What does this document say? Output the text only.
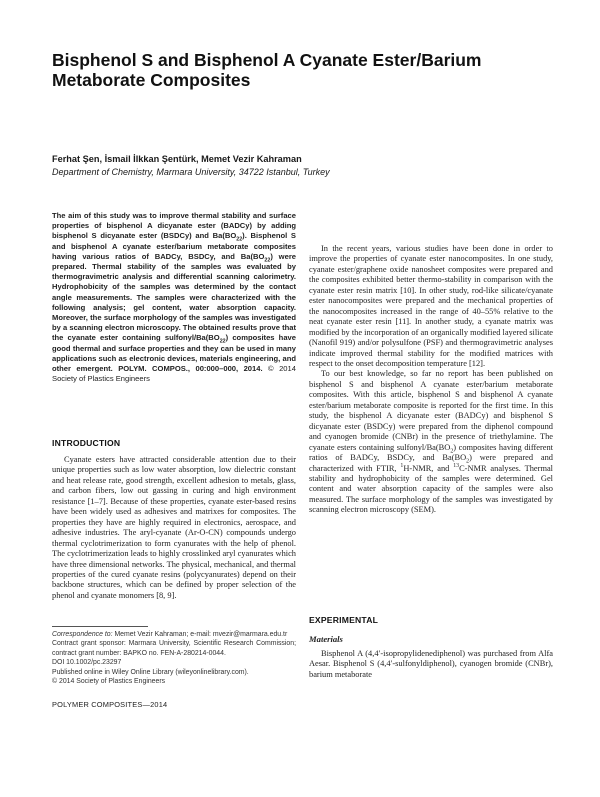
Bisphenol S and Bisphenol A Cyanate Ester/Barium Metaborate Composites

Ferhat Şen, İsmail İlkkan Şentürk, Memet Vezir Kahraman

Department of Chemistry, Marmara University, 34722 Istanbul, Turkey

The aim of this study was to improve thermal stability and surface properties of bisphenol A dicyanate ester (BADCy) by adding bisphenol S dicyanate ester (BSDCy) and $Ba(BO_{22})$. Bisphenol S and bisphenol A cyanate ester/barium metaborate composites having various ratios of BADCy, BSDCy, and $Ba(BO_{22})$ were prepared. Thermal stability of the samples was evaluated by thermogravimetric analysis and differential scanning calorimetry. Hydrophobicity of the samples was determined by the contact angle measurements. The samples were characterized with the following analysis; gel content, water absorption capacity. Moreover, the surface morphology of the samples was investigated by a scanning electron microscopy. The obtained results prove that the cyanate ester containing sulfonyl/$Ba(BO_{22})$ composites have good thermal and surface properties and they can be used in many applications such as electronic devices, materials engineering, and other emergent. POLYM. COMPOS., 00:000–000, 2014. © 2014 Society of Plastics Engineers
INTRODUCTION

Cyanate esters have attracted considerable attention due to their unique properties such as low water absorption, low dielectric constant and heat release rate, good strength, excellent adhesion to metals, glass, and carbon fibers, low out gassing in curing and high environment resistance [1–7]. Because of these properties, cyanate ester-based resins have been widely used as adhesives and matrixes for composites. The properties they have are highly required in electronics, aerospace, and adhesive industries. The aryl-cyanate (Ar-O-CN) compounds undergo thermal cyclotrimerization to form cyanurates with the help of phenol. The cyclotrimerization leads to highly crosslinked aryl cyanurates which have three dimensional networks. The physical, mechanical, and thermal properties of the cured cyanate resins (polycyanurates) depend on their backbone structures, which can be defined by proper selection of the phenol and cyanate monomers [8, 9].

Correspondence to: Memet Vezir Kahraman; e-mail: mvezir@marmara.edu.tr
Contract grant sponsor: Marmara University, Scientific Research Commission; contract grant number: BAPKO no. FEN-A-280214-0044.
DOI 10.1002/pc.23297
Published online in Wiley Online Library (wileyonlinelibrary.com).
© 2014 Society of Plastics Engineers

POLYMER COMPOSITES—2014

In the recent years, various studies have been done in order to improve the properties of cyanate ester nanocomposites. In one study, cyanate ester/graphene oxide nanosheet composites were prepared and the composites exhibited better thermo-stability in comparison with the cyanate ester resin matrix [10]. In other study, rod-like silicate/cyanate ester nanocomposites were prepared and the mechanical properties of the nanocomposites increased in the range of 40–55% relative to the neat cyanate ester resin [11]. In another study, a cyanate matrix was modified by the incorporation of an organically modified layered silicate (Nanofil 919) and/or polysulfone (PSF) and thermogravimetric analyses indicate improved thermal stability for the modified matrices with respect to the onset decomposition temperature [12].

To our best knowledge, so far no report has been published on bisphenol S and bisphenol A cyanate ester/barium metaborate composites. With this article, bisphenol S and bisphenol A cyanate ester/barium metaborate composite is reported for the first time. In this study, the bisphenol A dicyanate ester (BADCy) and bisphenol S dicyanate ester (BSDCy) were prepared from the diphenol compound and cyanogen bromide (CNBr) in the presence of triethylamine. The cyanate esters containing sulfonyl/$Ba(BO_2)$ composites having different ratios of BADCy, BSDCy, and $Ba(BO_2)$ were prepared and characterized with FTIR, $^1$H-NMR, and $^{13}$C-NMR analyses. Thermal stability and hydrophobicity of the samples were determined. Gel content and water absorption capacity of the samples were also measured. The surface morphology of the samples was investigated by scanning electron microscopy (SEM).

EXPERIMENTAL
Materials

Bisphenol A (4,4′-isopropylidenediphenol) was purchased from Alfa Aesar. Bisphenol S (4,4′-sulfonyldiphenol), cyanogen bromide (CNBr), barium metaborate
